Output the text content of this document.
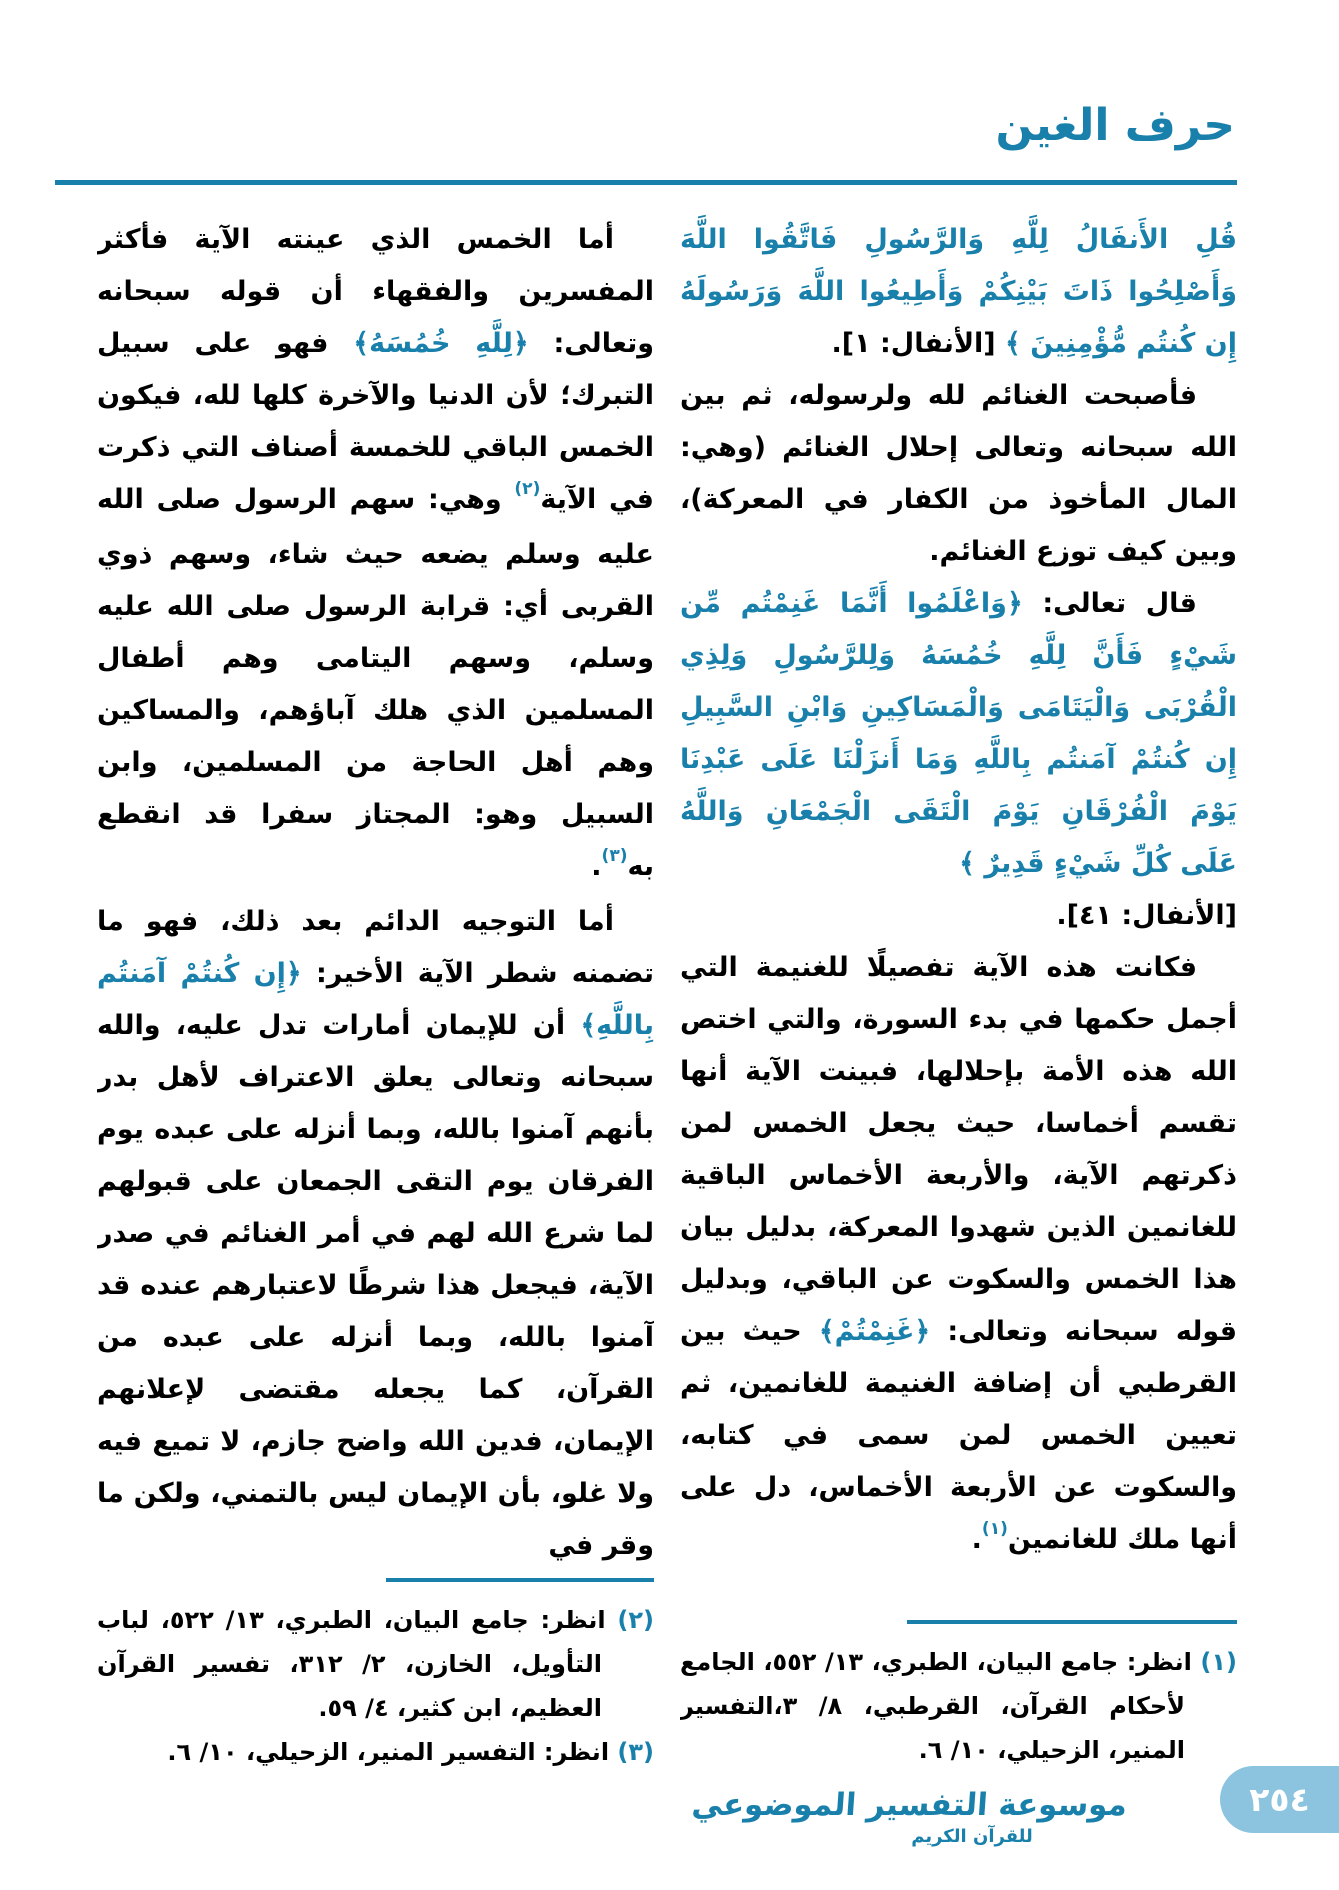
حرف الغين

قُلِ الأَنفَالُ لِلَّهِ وَالرَّسُولِ فَاتَّقُوا اللَّهَ وَأَصْلِحُوا ذَاتَ بَيْنِكُمْ وَأَطِيعُوا اللَّهَ وَرَسُولَهُ إِن كُنتُم مُّؤْمِنِينَ ﴾ [الأنفال: ١].

فأصبحت الغنائم لله ولرسوله، ثم بين الله سبحانه وتعالى إحلال الغنائم (وهي: المال المأخوذ من الكفار في المعركة)، وبين كيف توزع الغنائم.

قال تعالى: ﴿وَاعْلَمُوا أَنَّمَا غَنِمْتُم مِّن شَيْءٍ فَأَنَّ لِلَّهِ خُمُسَهُ وَلِلرَّسُولِ وَلِذِي الْقُرْبَى وَالْيَتَامَى وَالْمَسَاكِينِ وَابْنِ السَّبِيلِ إِن كُنتُمْ آمَنتُم بِاللَّهِ وَمَا أَنزَلْنَا عَلَى عَبْدِنَا يَوْمَ الْفُرْقَانِ يَوْمَ الْتَقَى الْجَمْعَانِ وَاللَّهُ عَلَى كُلِّ شَيْءٍ قَدِيرٌ ﴾

[الأنفال: ٤١].

فكانت هذه الآية تفصيلًا للغنيمة التي أجمل حكمها في بدء السورة، والتي اختص الله هذه الأمة بإحلالها، فبينت الآية أنها تقسم أخماسا، حيث يجعل الخمس لمن ذكرتهم الآية، والأربعة الأخماس الباقية للغانمين الذين شهدوا المعركة، بدليل بيان هذا الخمس والسكوت عن الباقي، وبدليل قوله سبحانه وتعالى: ﴿غَنِمْتُمْ﴾ حيث بين القرطبي أن إضافة الغنيمة للغانمين، ثم تعيين الخمس لمن سمى في كتابه، والسكوت عن الأربعة الأخماس، دل على أنها ملك للغانمين$^{(١)}$.

(١) انظر: جامع البيان، الطبري، ١٣/ ٥٥٢، الجامع لأحكام القرآن، القرطبي، ٨/ ٣،التفسير المنير، الزحيلي، ١٠/ ٦.

أما الخمس الذي عينته الآية فأكثر المفسرين والفقهاء أن قوله سبحانه وتعالى: ﴿لِلَّهِ خُمُسَهُ﴾ فهو على سبيل التبرك؛ لأن الدنيا والآخرة كلها لله، فيكون الخمس الباقي للخمسة أصناف التي ذكرت في الآية$^{(٢)}$ وهي: سهم الرسول صلى الله عليه وسلم يضعه حيث شاء، وسهم ذوي القربى أي: قرابة الرسول صلى الله عليه وسلم، وسهم اليتامى وهم أطفال المسلمين الذي هلك آباؤهم، والمساكين وهم أهل الحاجة من المسلمين، وابن السبيل وهو: المجتاز سفرا قد انقطع به$^{(٣)}$.

أما التوجيه الدائم بعد ذلك، فهو ما تضمنه شطر الآية الأخير: ﴿إِن كُنتُمْ آمَنتُم بِاللَّهِ﴾ أن للإيمان أمارات تدل عليه، والله سبحانه وتعالى يعلق الاعتراف لأهل بدر بأنهم آمنوا بالله، وبما أنزله على عبده يوم الفرقان يوم التقى الجمعان على قبولهم لما شرع الله لهم في أمر الغنائم في صدر الآية، فيجعل هذا شرطًا لاعتبارهم عنده قد آمنوا بالله، وبما أنزله على عبده من القرآن، كما يجعله مقتضى لإعلانهم الإيمان، فدين الله واضح جازم، لا تميع فيه ولا غلو، بأن الإيمان ليس بالتمني، ولكن ما وقر في

(٢) انظر: جامع البيان، الطبري، ١٣/ ٥٢٢، لباب التأويل، الخازن، ٢/ ٣١٢، تفسير القرآن العظيم، ابن كثير، ٤/ ٥٩.

(٣) انظر: التفسير المنير، الزحيلي، ١٠/ ٦.

موسوعة التفسير الموضوعي
للقرآن الكريم
٢٥٤
